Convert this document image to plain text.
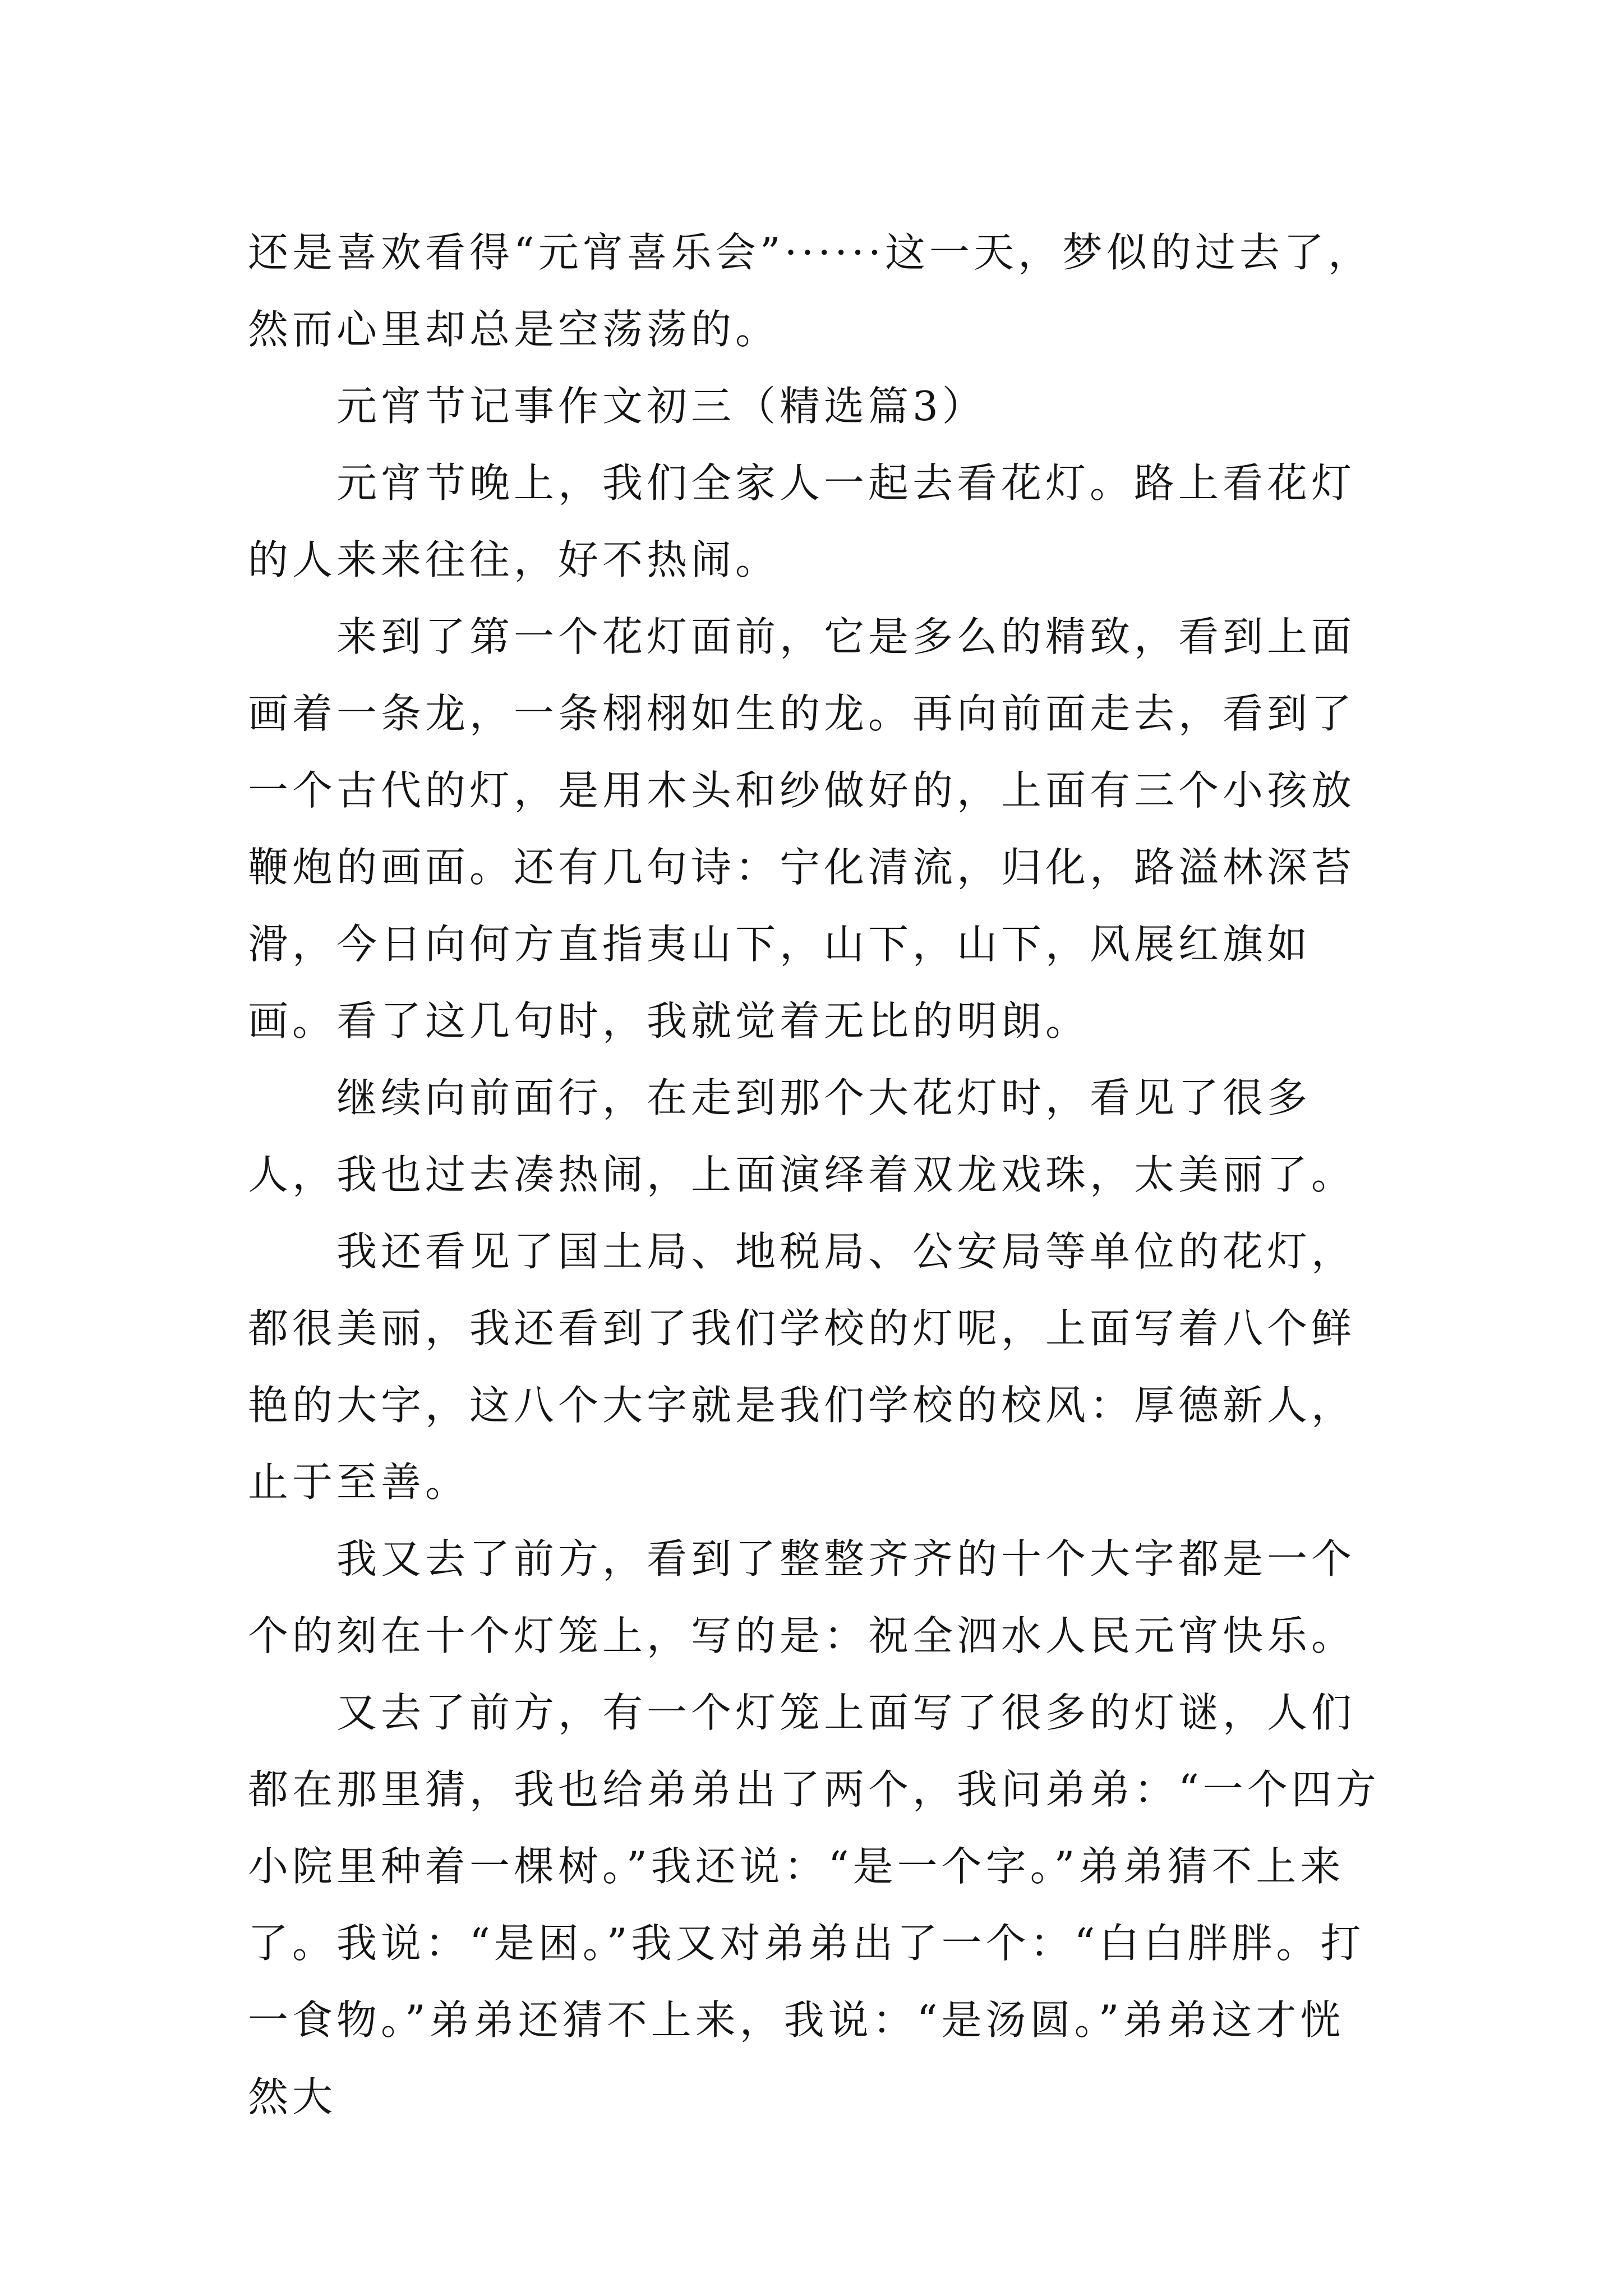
还是喜欢看得“元宵喜乐会”······这一天，梦似的过去了，然而心里却总是空荡荡的。

元宵节记事作文初三（精选篇3）

元宵节晚上，我们全家人一起去看花灯。路上看花灯的人来来往往，好不热闹。

来到了第一个花灯面前，它是多么的精致，看到上面画着一条龙，一条栩栩如生的龙。再向前面走去，看到了一个古代的灯，是用木头和纱做好的，上面有三个小孩放鞭炮的画面。还有几句诗：宁化清流，归化，路溢林深苔滑，今日向何方直指夷山下，山下，山下，风展红旗如画。看了这几句时，我就觉着无比的明朗。

继续向前面行，在走到那个大花灯时，看见了很多人，我也过去凑热闹，上面演绎着双龙戏珠，太美丽了。

我还看见了国土局、地税局、公安局等单位的花灯，都很美丽，我还看到了我们学校的灯呢，上面写着八个鲜艳的大字，这八个大字就是我们学校的校风：厚德新人，止于至善。

我又去了前方，看到了整整齐齐的十个大字都是一个个的刻在十个灯笼上，写的是：祝全泗水人民元宵快乐。

又去了前方，有一个灯笼上面写了很多的灯谜，人们都在那里猜，我也给弟弟出了两个，我问弟弟：“一个四方小院里种着一棵树。”我还说：“是一个字。”弟弟猜不上来了。我说：“是困。”我又对弟弟出了一个：“白白胖胖。打一食物。”弟弟还猜不上来，我说：“是汤圆。”弟弟这才恍然大
